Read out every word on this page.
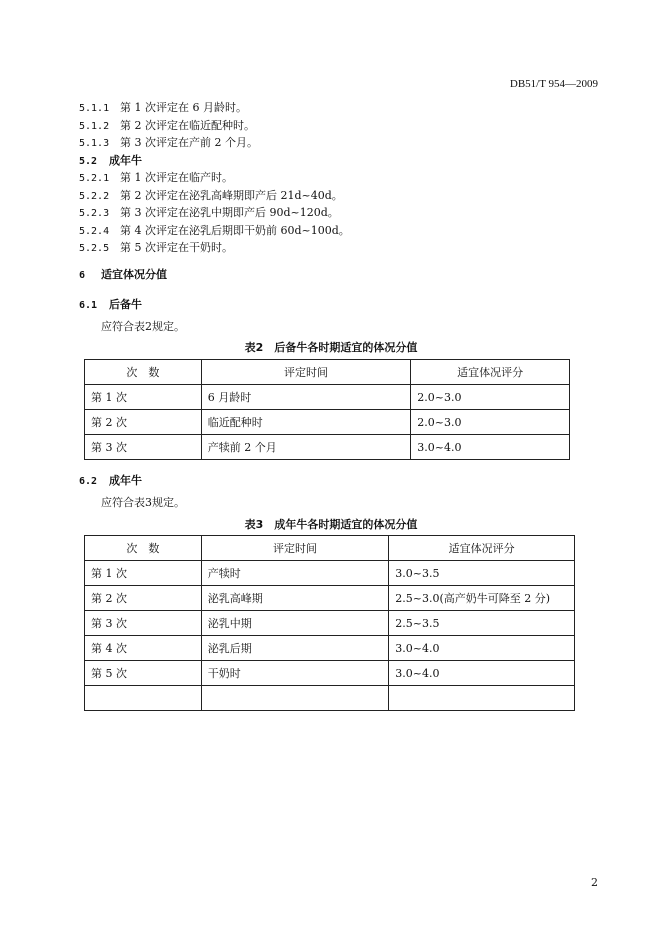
DB51/T 954—2009
5.1.1 第 1 次评定在 6 月龄时。
5.1.2 第 2 次评定在临近配种时。
5.1.3 第 3 次评定在产前 2 个月。
5.2 成年牛
5.2.1 第 1 次评定在临产时。
5.2.2 第 2 次评定在泌乳高峰期即产后 21d~40d。
5.2.3 第 3 次评定在泌乳中期即产后 90d~120d。
5.2.4 第 4 次评定在泌乳后期即干奶前 60d~100d。
5.2.5 第 5 次评定在干奶时。
6 适宜体况分值
6.1 后备牛
应符合表2规定。
表2　后备牛各时期适宜的体况分值
次　数	评定时间	适宜体况评分
第 1 次	6 月龄时	2.0~3.0
第 2 次	临近配种时	2.0~3.0
第 3 次	产犊前 2 个月	3.0~4.0
6.2 成年牛
应符合表3规定。
表3　成年牛各时期适宜的体况分值
次　数	评定时间	适宜体况评分
第 1 次	产犊时	3.0~3.5
第 2 次	泌乳高峰期	2.5~3.0(高产奶牛可降至 2 分)
第 3 次	泌乳中期	2.5~3.5
第 4 次	泌乳后期	3.0~4.0
第 5 次	干奶时	3.0~4.0

2
